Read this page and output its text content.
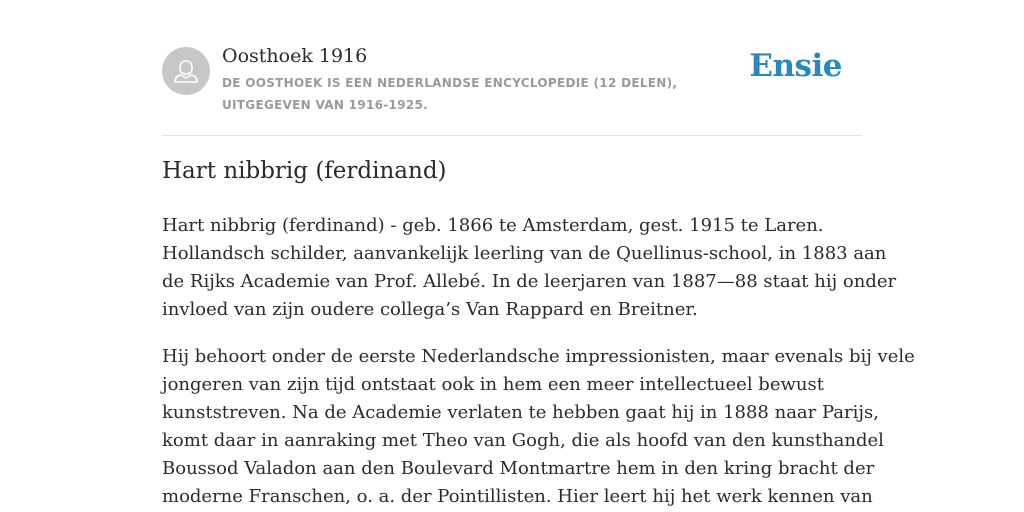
Oosthoek 1916
DE OOSTHOEK IS EEN NEDERLANDSE ENCYCLOPEDIE (12 DELEN), UITGEGEVEN VAN 1916-1925.
Ensie
Hart nibbrig (ferdinand)
Hart nibbrig (ferdinand) - geb. 1866 te Amsterdam, gest. 1915 te Laren.
Hollandsch schilder, aanvankelijk leerling van de Quellinus-school, in 1883 aan
de Rijks Academie van Prof. Allebé. In de leerjaren van 1887—88 staat hij onder
invloed van zijn oudere collega’s Van Rappard en Breitner.
Hij behoort onder de eerste Nederlandsche impressionisten, maar evenals bij vele
jongeren van zijn tijd ontstaat ook in hem een meer intellectueel bewust
kunststreven. Na de Academie verlaten te hebben gaat hij in 1888 naar Parijs,
komt daar in aanraking met Theo van Gogh, die als hoofd van den kunsthandel
Boussod Valadon aan den Boulevard Montmartre hem in den kring bracht der
moderne Franschen, o. a. der Pointillisten. Hier leert hij het werk kennen van
